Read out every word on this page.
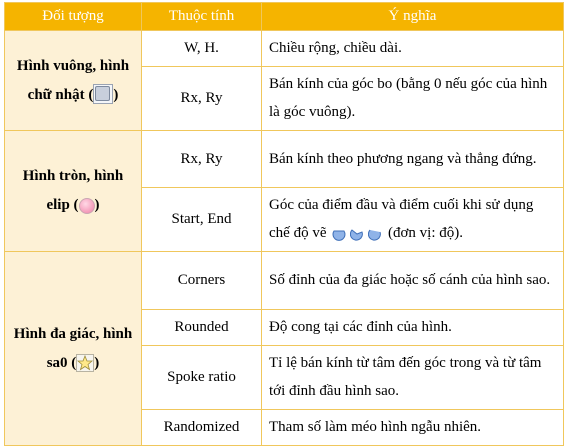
Đối tượng	Thuộc tính	Ý nghĩa
Hình vuông, hình chữ nhật ( )	W, H.	Chiều rộng, chiều dài.
	Rx, Ry	Bán kính của góc bo (bằng 0 nếu góc của hình là góc vuông).
Hình tròn, hình elip ( )	Rx, Ry	Bán kính theo phương ngang và thẳng đứng.
	Start, End	Góc của điểm đầu và điểm cuối khi sử dụng chế độ vẽ (đơn vị: độ).
Hình đa giác, hình sa0 ( )	Corners	Số đỉnh của đa giác hoặc số cánh của hình sao.
	Rounded	Độ cong tại các đỉnh của hình.
	Spoke ratio	Tỉ lệ bán kính từ tâm đến góc trong và từ tâm tới đỉnh đầu hình sao.
	Randomized	Tham số làm méo hình ngẫu nhiên.
